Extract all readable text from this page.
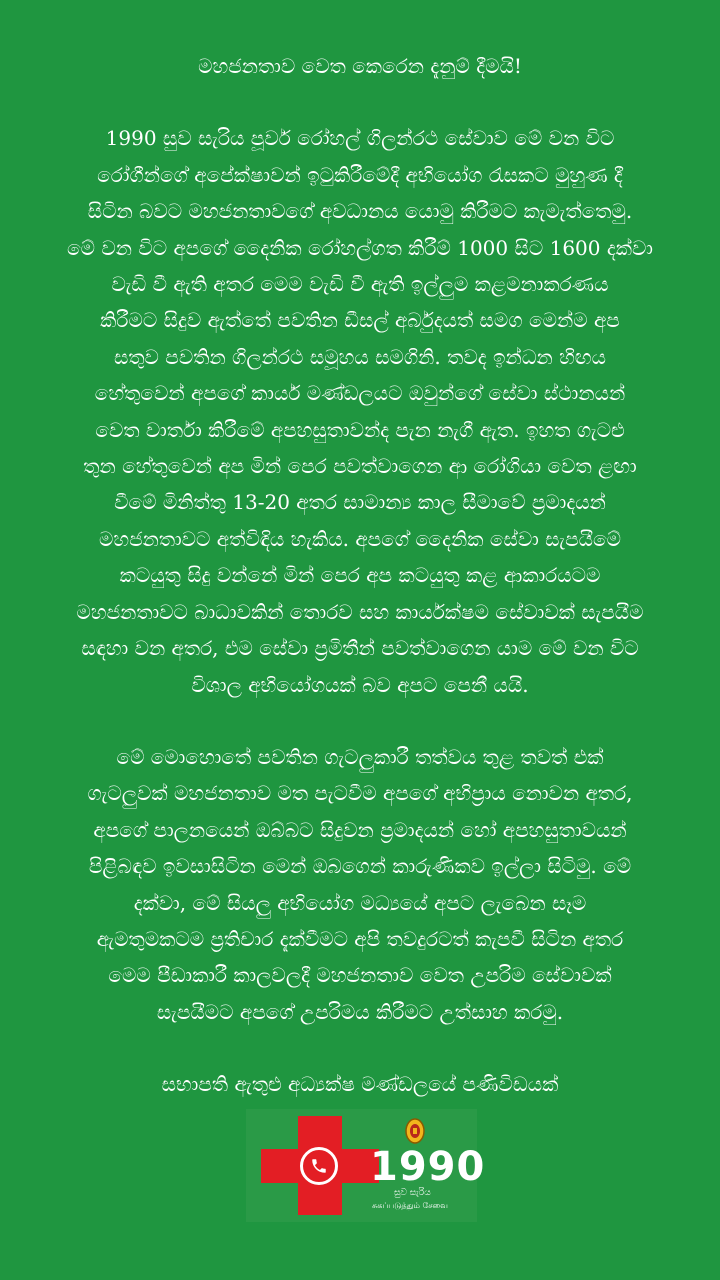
මහජනතාව වෙත කෙරෙන දැනුම් දීමයි!

1990 සුව සැරිය පූර්ව රෝහල් ගිලන්රථ සේවාව මේ වන විට

රෝගීන්ගේ අපේක්ෂාවන් ඉටුකිරීමේදී අභියෝග රැසකට මුහුණ දී

සිටින බවට මහජනතාවගේ අවධානය යොමු කිරීමට කැමැත්තෙමු.

මේ වන විට අපගේ දෛනික රෝහල්ගත කිරීම් 1000 සිට 1600 දක්වා

වැඩි වී ඇති අතර මෙම වැඩි වී ඇති ඉල්ලුම කළමනාකරණය

කිරීමට සිදුව ඇත්තේ පවතින ඩීසල් අර්බුදයත් සමග මෙන්ම අප

සතුව පවතින ගිලන්රථ සමූහය සමගිනි. තවද ඉන්ධන හිඟය

හේතුවෙන් අපගේ කාර්ය මණ්ඩලයට ඔවුන්ගේ සේවා ස්ථානයන්

වෙත වාර්තා කිරීමේ අපහසුතාවන්ද පැන නැගී ඇත. ඉහත ගැටළු

තුන හේතුවෙන් අප මින් පෙර පවත්වාගෙන ආ රෝගියා වෙත ළඟා

වීමේ මිනිත්තු 13-20 අතර සාමාන්‍ය කාල සීමාවේ ප්‍රමාදයන්

මහජනතාවට අත්විඳිය හැකිය. අපගේ දෛනික සේවා සැපයීමේ

කටයුතු සිදු වන්නේ මින් පෙර අප කටයුතු කළ ආකාරයටම

මහජනතාවට බාධාවකින් තොරව සහ කාර්යක්ෂම සේවාවක් සැපයීම

සඳහා වන අතර, එම සේවා ප්‍රමිතීන් පවත්වාගෙන යාම මේ වන විට

විශාල අභියෝගයක් බව අපට පෙනී යයි.

මේ මොහොතේ පවතින ගැටලුකාරී තත්වය තුළ තවත් එක්

ගැටලුවක් මහජනතාව මත පැටවීම අපගේ අභිප්‍රාය නොවන අතර,

අපගේ පාලනයෙන් ඔබ්බට සිදුවන ප්‍රමාදයන් හෝ අපහසුතාවයන්

පිළිබඳව ඉවසාසිටින මෙන් ඔබගෙන් කාරුණිකව ඉල්ලා සිටිමු. මේ

දක්වා, මේ සියලු අභියෝග මධ්‍යයේ අපට ලැබෙන සෑම

ඇමතුමකටම ප්‍රතිචාර දැක්වීමට අපි තවදුරටත් කැපවී සිටින අතර

මෙම පීඩාකාරී කාලවලදී මහජනතාව වෙත උපරිම සේවාවක්

සැපයීමට අපගේ උපරිමය කිරීමට උත්සාහ කරමු.

සභාපති ඇතුළු අධ්‍යක්ෂ මණ්ඩලයේ පණිවිඩයක්

1990
සුව සැරිය
சுகப்படுத்தும் சேவை
